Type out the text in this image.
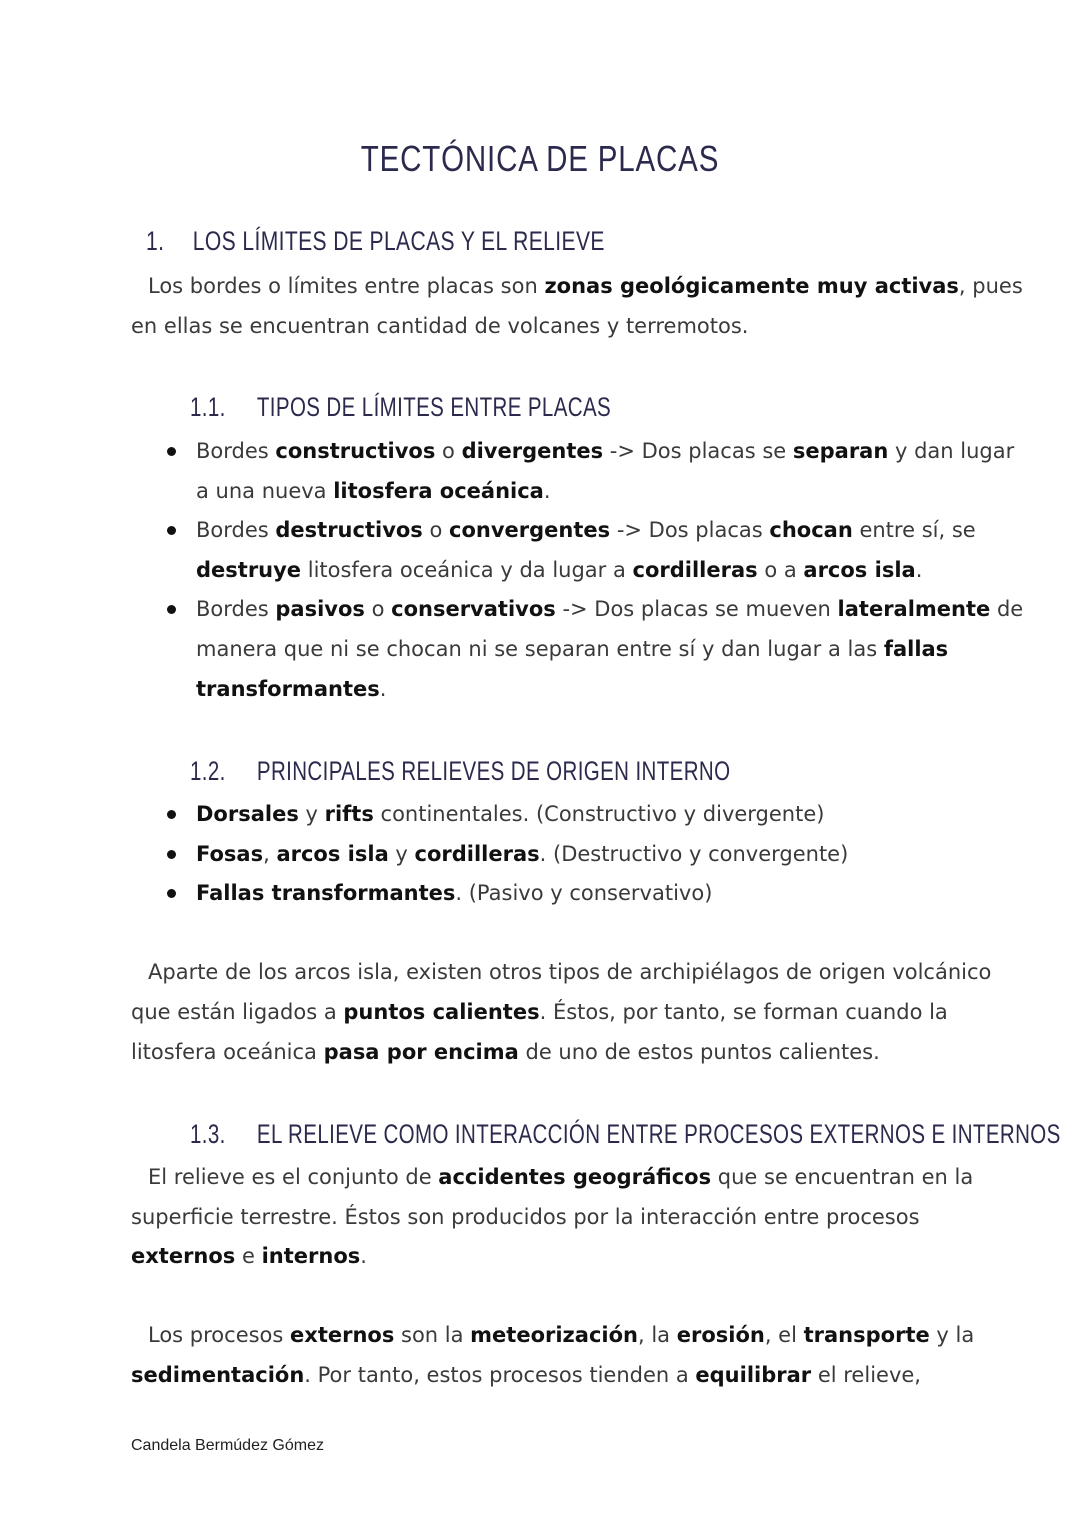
TECTÓNICA DE PLACAS
1. LOS LÍMITES DE PLACAS Y EL RELIEVE
Los bordes o límites entre placas son zonas geológicamente muy activas, pues
en ellas se encuentran cantidad de volcanes y terremotos.
1.1. TIPOS DE LÍMITES ENTRE PLACAS
Bordes constructivos o divergentes -> Dos placas se separan y dan lugar
a una nueva litosfera oceánica.
Bordes destructivos o convergentes -> Dos placas chocan entre sí, se
destruye litosfera oceánica y da lugar a cordilleras o a arcos isla.
Bordes pasivos o conservativos -> Dos placas se mueven lateralmente de
manera que ni se chocan ni se separan entre sí y dan lugar a las fallas
transformantes.
1.2. PRINCIPALES RELIEVES DE ORIGEN INTERNO
Dorsales y rifts continentales. (Constructivo y divergente)
Fosas, arcos isla y cordilleras. (Destructivo y convergente)
Fallas transformantes. (Pasivo y conservativo)
Aparte de los arcos isla, existen otros tipos de archipiélagos de origen volcánico
que están ligados a puntos calientes. Éstos, por tanto, se forman cuando la
litosfera oceánica pasa por encima de uno de estos puntos calientes.
1.3. EL RELIEVE COMO INTERACCIÓN ENTRE PROCESOS EXTERNOS E INTERNOS
El relieve es el conjunto de accidentes geográficos que se encuentran en la
superficie terrestre. Éstos son producidos por la interacción entre procesos
externos e internos.
Los procesos externos son la meteorización, la erosión, el transporte y la
sedimentación. Por tanto, estos procesos tienden a equilibrar el relieve,
Candela Bermúdez Gómez
